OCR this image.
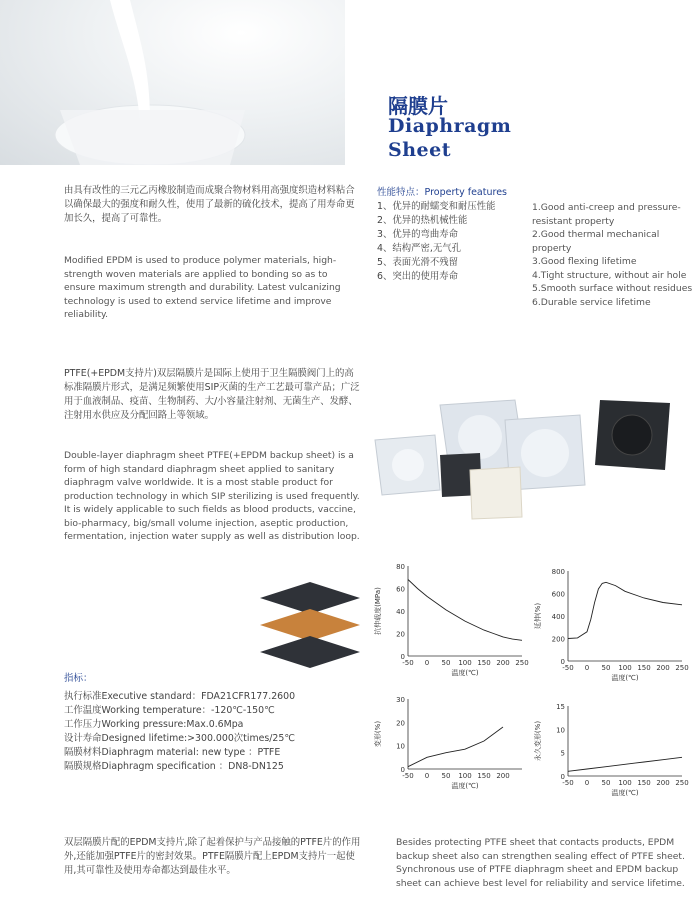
隔膜片
Diaphragm
Sheet
由具有改性的三元乙丙橡胶制造而成聚合物材料用高强度织造材料粘合以确保最大的强度和耐久性，使用了最新的硫化技术，提高了用寿命更加长久，提高了可靠性。
Modified EPDM is used to produce polymer materials, high-strength woven materials are applied to bonding so as to ensure maximum strength and durability. Latest vulcanizing technology is used to extend service lifetime and improve reliability.
性能特点：Property features
1、优异的耐蠕变和耐压性能
2、优异的热机械性能
3、优异的弯曲寿命
4、结构严密,无气孔
5、表面光滑不残留
6、突出的使用寿命
1.Good anti-creep and pressure-resistant property
2.Good thermal mechanical property
3.Good flexing lifetime
4.Tight structure, without air hole 5.Smooth surface without residues
6.Durable service lifetime
PTFE(+EPDM支持片)双层隔膜片是国际上使用于卫生隔膜阀门上的高标准隔膜片形式，是满足频繁使用SIP灭菌的生产工艺最可靠产品；广泛用于血液制品、疫苗、生物制药、大/小容量注射剂、无菌生产、发酵、注射用水供应及分配回路上等领域。
Double-layer diaphragm sheet PTFE(+EPDM backup sheet) is a form of high standard diaphragm sheet applied to sanitary diaphragm valve worldwide. It is a most stable product for production technology in which SIP sterilizing is used frequently. It is widely applicable to such fields as blood products, vaccine, bio-pharmacy, big/small volume injection, aseptic production, fermentation, injection water supply as well as distribution loop.
0
20
40
60
80
-50 0 50 100 150 200 250
温度(℃)
抗伸载度(MPa)
0
200
400
600
800
-50 0 50 100 150 200 250
温度(℃)
延伸(%)
0
10
20
30
-50 0 50 100 150 200
温度(℃)
变形(%)
0
5
10
15
-50 0 50 100 150 200 250
温度(℃)
永久变形(%)
指标：
执行标准Executive standard：FDA21CFR177.2600
工作温度Working temperature：-120℃-150℃
工作压力Working pressure:Max.0.6Mpa
设计寿命Designed lifetime:>300.000次times/25℃
隔膜材料Diaphragm material: new type ：PTFE
隔膜规格Diaphragm specification ：DN8-DN125
双层隔膜片配的EPDM支持片,除了起着保护与产品接触的PTFE片的作用外,还能加强PTFE片的密封效果。PTFE隔膜片配上EPDM支持片一起使用,其可靠性及使用寿命都达到最佳水平。
Besides protecting PTFE sheet that contacts products, EPDM backup sheet also can strengthen sealing effect of PTFE sheet. Synchronous use of PTFE diaphragm sheet and EPDM backup sheet can achieve best level for reliability and service lifetime.
